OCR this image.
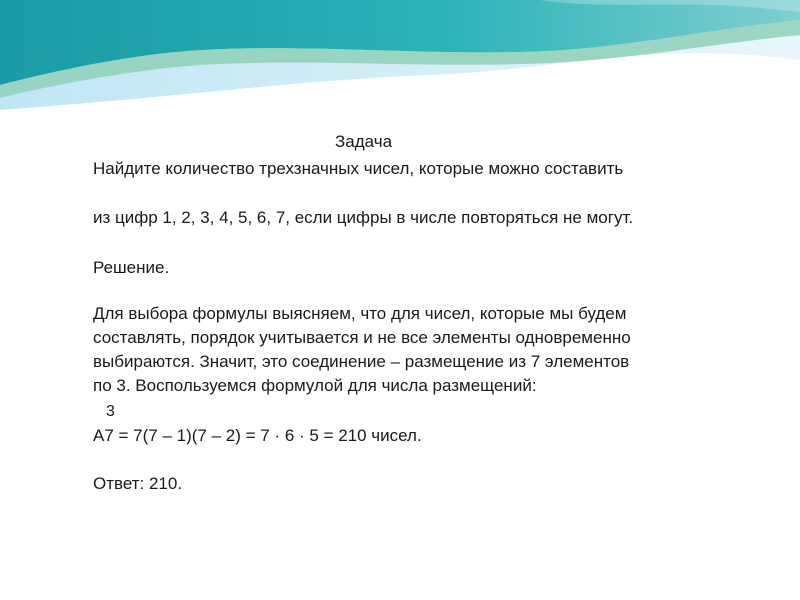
Задача
Найдите количество трехзначных чисел, которые можно составить
из цифр 1, 2, 3, 4, 5, 6, 7, если цифры в числе повторяться не могут.
Решение.
Для выбора формулы выясняем, что для чисел, которые мы будем
составлять, порядок учитывается и не все элементы одновременно
выбираются. Значит, это соединение – размещение из 7 элементов
по 3. Воспользуемся формулой для числа размещений:
3
А7 = 7(7 – 1)(7 – 2) = 7 · 6 · 5 = 210 чисел.
Ответ: 210.
